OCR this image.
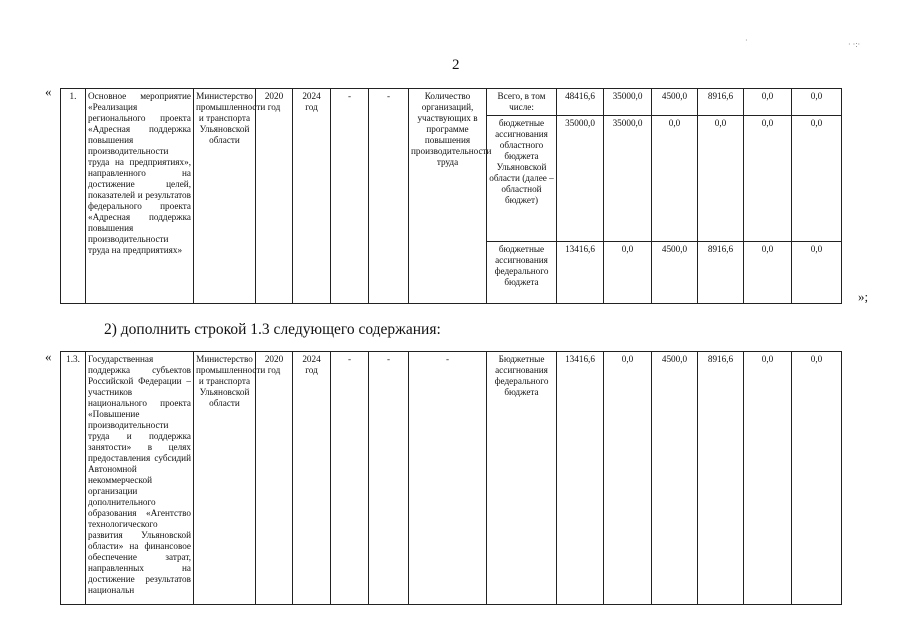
2
« 1.	Основное мероприятие «Реализация регионального проекта «Адресная поддержка повышения производительности труда на предприятиях», направленного на достижение целей, показателей и результатов федерального проекта «Адресная поддержка повышения производительности труда на предприятиях»	Министерство промышленности и транспорта Ульяновской области	2020 год	2024 год	-	-	Количество организаций, участвующих в программе повышения производительности труда	Всего, в том числе:	48416,6	35000,0	4500,0	8916,6	0,0	0,0
								бюджетные ассигнования областного бюджета Ульяновской области (далее – областной бюджет)	35000,0	35000,0	0,0	0,0	0,0	0,0
								бюджетные ассигнования федерального бюджета	13416,6	0,0	4500,0	8916,6	0,0	0,0
»;
2) дополнить строкой 1.3 следующего содержания:
« 1.3.	Государственная поддержка субъектов Российской Федерации – участников национального проекта «Повышение производительности труда и поддержка занятости» в целях предоставления субсидий Автономной некоммерческой организации дополнительного образования «Агентство технологического развития Ульяновской области» на финансовое обеспечение затрат, направленных на достижение результатов национальн	Министерство промышленности и транспорта Ульяновской области	2020 год	2024 год	-	-	-	Бюджетные ассигнования федерального бюджета	13416,6	0,0	4500,0	8916,6	0,0	0,0
· ·:·
·
